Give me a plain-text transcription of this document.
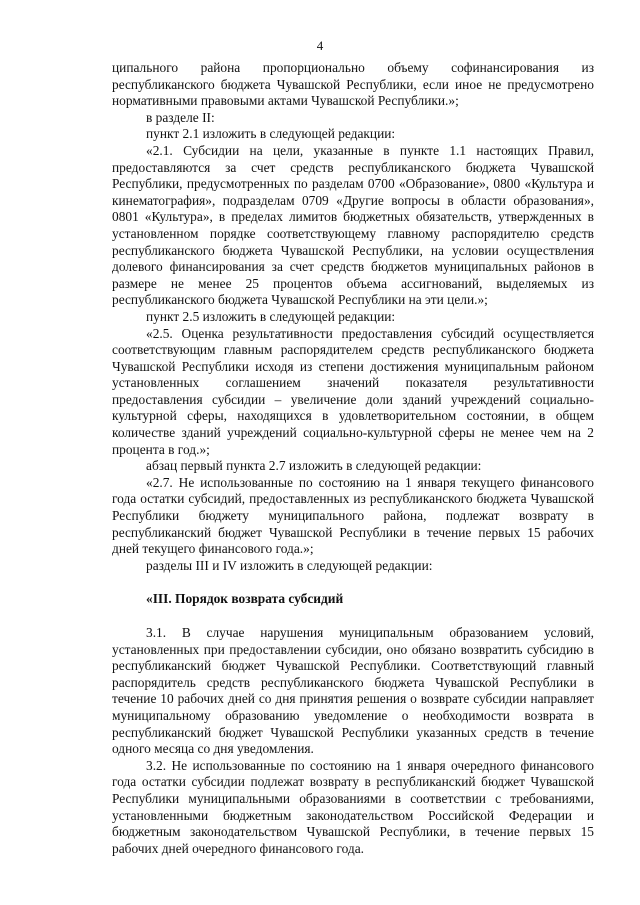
4

ципального района пропорционально объему софинансирования из республиканского бюджета Чувашской Республики, если иное не предусмотрено нормативными правовыми актами Чувашской Республики.»;

в разделе II:

пункт 2.1 изложить в следующей редакции:

«2.1. Субсидии на цели, указанные в пункте 1.1 настоящих Правил, предоставляются за счет средств республиканского бюджета Чувашской Республики, предусмотренных по разделам 0700 «Образование», 0800 «Культура и кинематография», подразделам 0709 «Другие вопросы в области образования», 0801 «Культура», в пределах лимитов бюджетных обязательств, утвержденных в установленном порядке соответствующему главному распорядителю средств республиканского бюджета Чувашской Республики, на условии осуществления долевого финансирования за счет средств бюджетов муниципальных районов в размере не менее 25 процентов объема ассигнований, выделяемых из республиканского бюджета Чувашской Республики на эти цели.»;

пункт 2.5 изложить в следующей редакции:

«2.5. Оценка результативности предоставления субсидий осуществляется соответствующим главным распорядителем средств республиканского бюджета Чувашской Республики исходя из степени достижения муниципальным районом установленных соглашением значений показателя результативности предоставления субсидии – увеличение доли зданий учреждений социально-культурной сферы, находящихся в удовлетворительном состоянии, в общем количестве зданий учреждений социально-культурной сферы не менее чем на 2 процента в год.»;

абзац первый пункта 2.7 изложить в следующей редакции:

«2.7. Не использованные по состоянию на 1 января текущего финансового года остатки субсидий, предоставленных из республиканского бюджета Чувашской Республики бюджету муниципального района, подлежат возврату в республиканский бюджет Чувашской Республики в течение первых 15 рабочих дней текущего финансового года.»;

разделы III и IV изложить в следующей редакции:

«III. Порядок возврата субсидий

3.1. В случае нарушения муниципальным образованием условий, установленных при предоставлении субсидии, оно обязано возвратить субсидию в республиканский бюджет Чувашской Республики. Соответствующий главный распорядитель средств республиканского бюджета Чувашской Республики в течение 10 рабочих дней со дня принятия решения о возврате субсидии направляет муниципальному образованию уведомление о необходимости возврата в республиканский бюджет Чувашской Республики указанных средств в течение одного месяца со дня уведомления.

3.2. Не использованные по состоянию на 1 января очередного финансового года остатки субсидии подлежат возврату в республиканский бюджет Чувашской Республики муниципальными образованиями в соответствии с требованиями, установленными бюджетным законодательством Российской Федерации и бюджетным законодательством Чувашской Республики, в течение первых 15 рабочих дней очередного финансового года.
